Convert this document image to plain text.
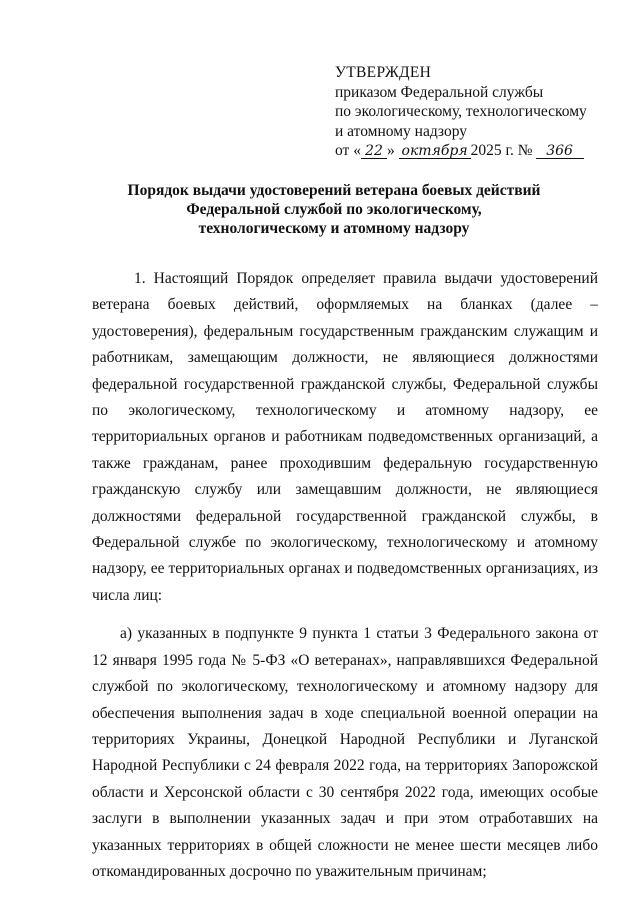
УТВЕРЖДЕН
приказом Федеральной службы
по экологическому, технологическому
и атомному надзору
от « 22 » октября 2025 г. № 366
Порядок выдачи удостоверений ветерана боевых действий
Федеральной службой по экологическому,
технологическому и атомному надзору

1. Настоящий Порядок определяет правила выдачи удостоверений ветерана боевых действий, оформляемых на бланках (далее – удостоверения), федеральным государственным гражданским служащим и работникам, замещающим должности, не являющиеся должностями федеральной государственной гражданской службы, Федеральной службы по экологическому, технологическому и атомному надзору, ее территориальных органов и работникам подведомственных организаций, а также гражданам, ранее проходившим федеральную государственную гражданскую службу или замещавшим должности, не являющиеся должностями федеральной государственной гражданской службы, в Федеральной службе по экологическому, технологическому и атомному надзору, ее территориальных органах и подведомственных организациях, из числа лиц:

а) указанных в подпункте 9 пункта 1 статьи 3 Федерального закона от 12 января 1995 года № 5-ФЗ «О ветеранах», направлявшихся Федеральной службой по экологическому, технологическому и атомному надзору для обеспечения выполнения задач в ходе специальной военной операции на территориях Украины, Донецкой Народной Республики и Луганской Народной Республики с 24 февраля 2022 года, на территориях Запорожской области и Херсонской области с 30 сентября 2022 года, имеющих особые заслуги в выполнении указанных задач и при этом отработавших на указанных территориях в общей сложности не менее шести месяцев либо откомандированных досрочно по уважительным причинам;
